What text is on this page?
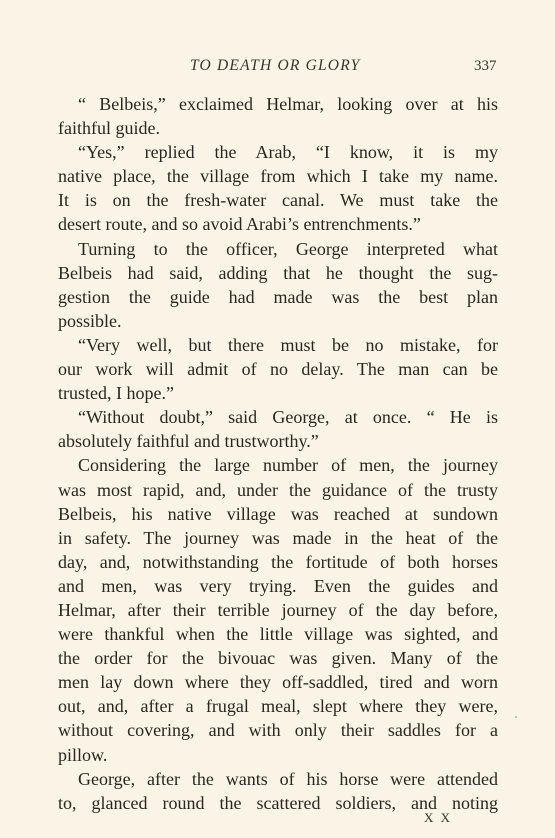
TO DEATH OR GLORY	337
“ Belbeis,” exclaimed Helmar, looking over at his
faithful guide.
“Yes,” replied the Arab, “I know, it is my
native place, the village from which I take my name.
It is on the fresh-water canal. We must take the
desert route, and so avoid Arabi’s entrenchments.”
Turning to the officer, George interpreted what
Belbeis had said, adding that he thought the sug-
gestion the guide had made was the best plan
possible.
“Very well, but there must be no mistake, for
our work will admit of no delay. The man can be
trusted, I hope.”
“Without doubt,” said George, at once. “ He is
absolutely faithful and trustworthy.”
Considering the large number of men, the journey
was most rapid, and, under the guidance of the trusty
Belbeis, his native village was reached at sundown
in safety. The journey was made in the heat of the
day, and, notwithstanding the fortitude of both horses
and men, was very trying. Even the guides and
Helmar, after their terrible journey of the day before,
were thankful when the little village was sighted, and
the order for the bivouac was given. Many of the
men lay down where they off-saddled, tired and worn
out, and, after a frugal meal, slept where they were,
without covering, and with only their saddles for a
pillow.
George, after the wants of his horse were attended
to, glanced round the scattered soldiers, and noting
X X
